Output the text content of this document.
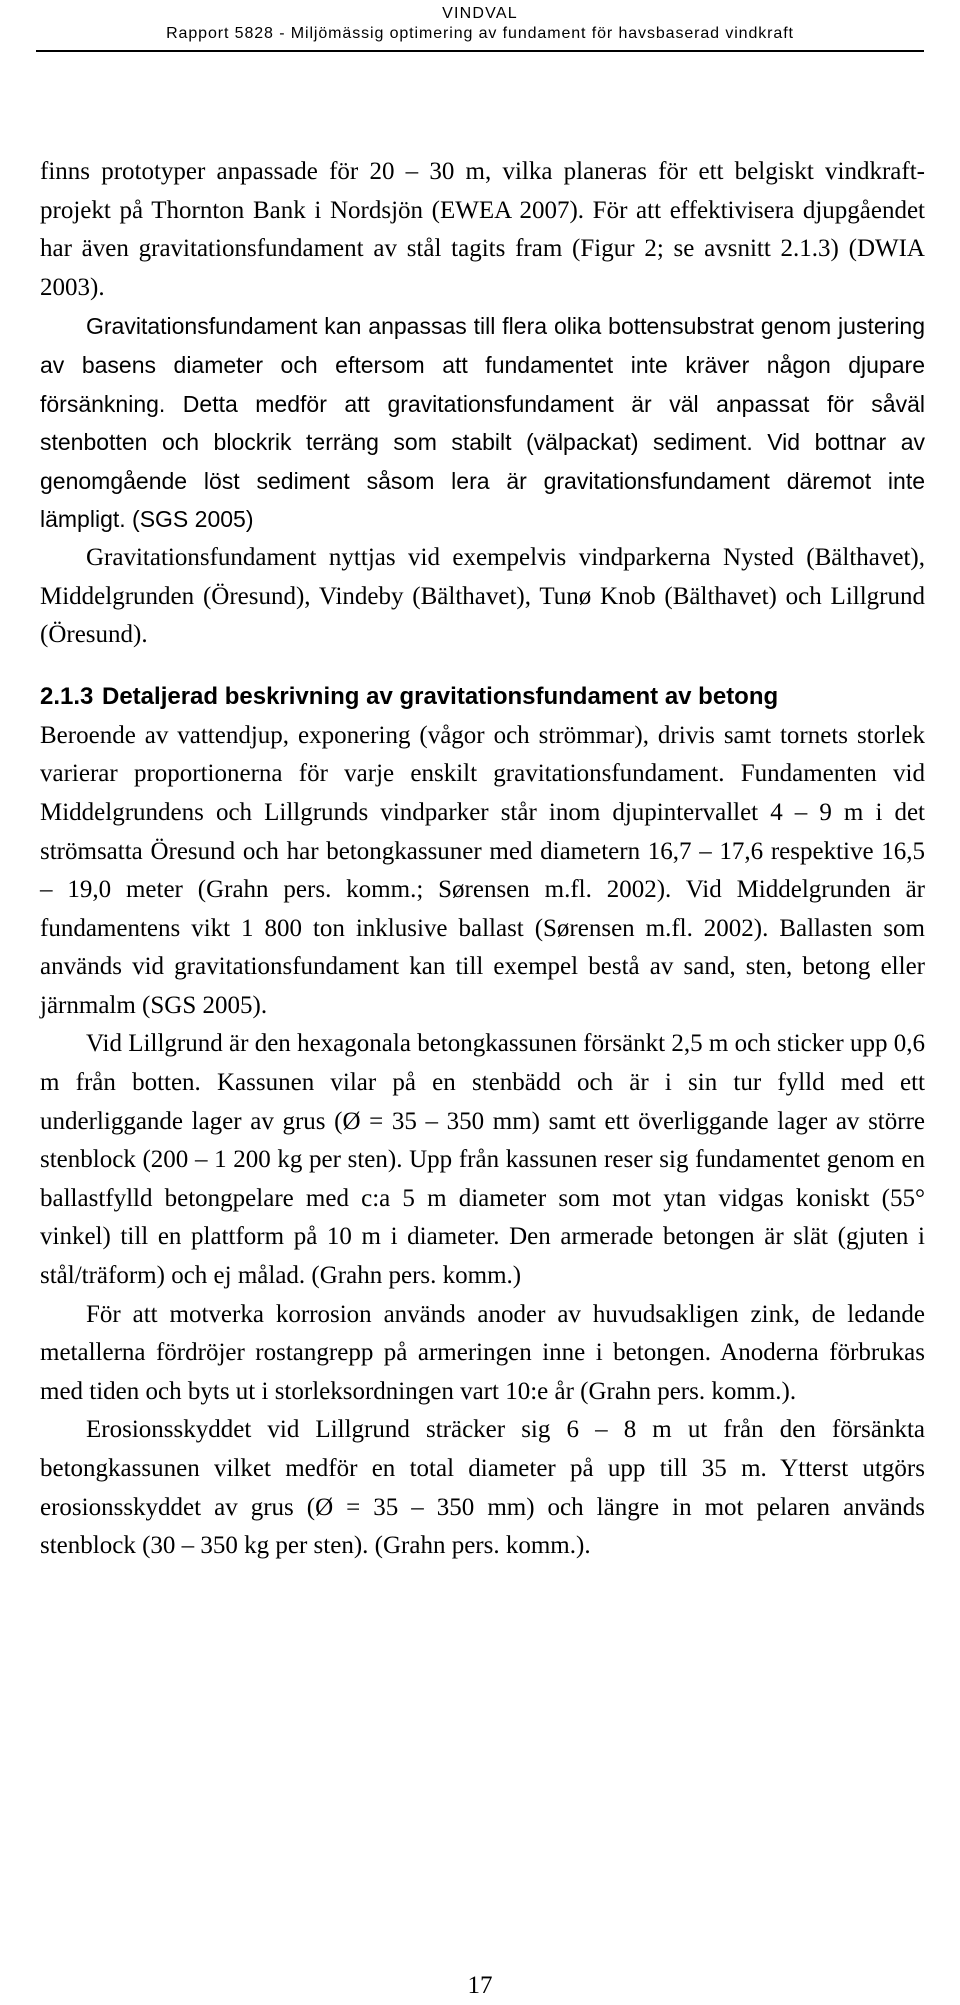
VINDVAL
Rapport 5828 - Miljömässig optimering av fundament för havsbaserad vindkraft

finns prototyper anpassade för 20 – 30 m, vilka planeras för ett belgiskt vindkraft-projekt på Thornton Bank i Nordsjön (EWEA 2007). För att effektivisera djupgåendet har även gravitationsfundament av stål tagits fram (Figur 2; se avsnitt 2.1.3) (DWIA 2003).

Gravitationsfundament kan anpassas till flera olika bottensubstrat genom justering av basens diameter och eftersom att fundamentet inte kräver någon djupare försänkning. Detta medför att gravitationsfundament är väl anpassat för såväl stenbotten och blockrik terräng som stabilt (välpackat) sediment. Vid bottnar av genomgående löst sediment såsom lera är gravitationsfundament däremot inte lämpligt. (SGS 2005)

Gravitationsfundament nyttjas vid exempelvis vindparkerna Nysted (Bälthavet), Middelgrunden (Öresund), Vindeby (Bälthavet), Tunø Knob (Bälthavet) och Lillgrund (Öresund).

2.1.3 Detaljerad beskrivning av gravitationsfundament av betong

Beroende av vattendjup, exponering (vågor och strömmar), drivis samt tornets storlek varierar proportionerna för varje enskilt gravitationsfundament. Fundamenten vid Middelgrundens och Lillgrunds vindparker står inom djupintervallet 4 – 9 m i det strömsatta Öresund och har betongkassuner med diametern 16,7 – 17,6 respektive 16,5 – 19,0 meter (Grahn pers. komm.; Sørensen m.fl. 2002). Vid Middelgrunden är fundamentens vikt 1 800 ton inklusive ballast (Sørensen m.fl. 2002). Ballasten som används vid gravitationsfundament kan till exempel bestå av sand, sten, betong eller järnmalm (SGS 2005).

Vid Lillgrund är den hexagonala betongkassunen försänkt 2,5 m och sticker upp 0,6 m från botten. Kassunen vilar på en stenbädd och är i sin tur fylld med ett underliggande lager av grus (Ø = 35 – 350 mm) samt ett överliggande lager av större stenblock (200 – 1 200 kg per sten). Upp från kassunen reser sig fundamentet genom en ballastfylld betongpelare med c:a 5 m diameter som mot ytan vidgas koniskt (55° vinkel) till en plattform på 10 m i diameter. Den armerade betongen är slät (gjuten i stål/träform) och ej målad. (Grahn pers. komm.)

För att motverka korrosion används anoder av huvudsakligen zink, de ledande metallerna fördröjer rostangrepp på armeringen inne i betongen. Anoderna förbrukas med tiden och byts ut i storleksordningen vart 10:e år (Grahn pers. komm.).

Erosionsskyddet vid Lillgrund sträcker sig 6 – 8 m ut från den försänkta betongkassunen vilket medför en total diameter på upp till 35 m. Ytterst utgörs erosionsskyddet av grus (Ø = 35 – 350 mm) och längre in mot pelaren används stenblock (30 – 350 kg per sten). (Grahn pers. komm.).

17
